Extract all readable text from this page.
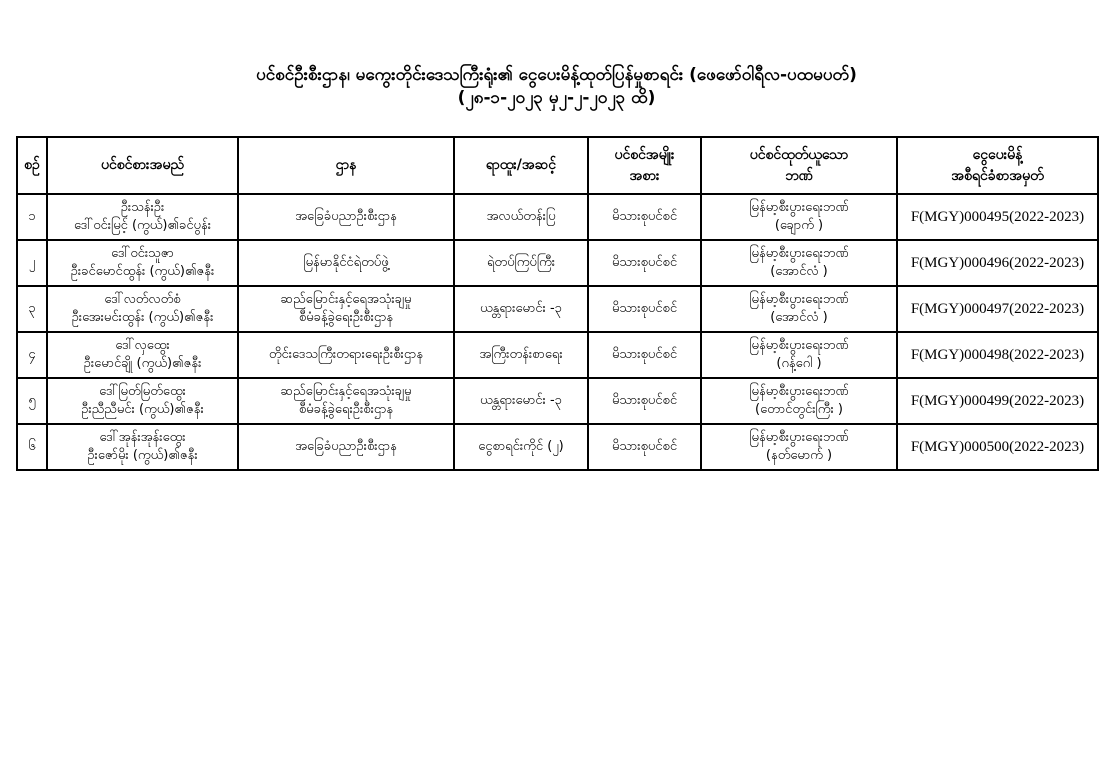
ပင်စင်ဦးစီးဌာန၊ မကွေးတိုင်းဒေသကြီးရုံး၏ ငွေပေးမိန့်ထုတ်ပြန်မှုစာရင်း (ဖေဖော်ဝါရီလ-ပထမပတ်)
(၂၈-၁-၂၀၂၃ မှ၂-၂-၂၀၂၃ ထိ)
စဉ်	ပင်စင်စားအမည်	ဌာန	ရာထူး/အဆင့်	ပင်စင်အမျိုး
အစား	ပင်စင်ထုတ်ယူသော
ဘဏ်	ငွေပေးမိန့်
အစီရင်ခံစာအမှတ်

၁	ဦးသန်းဦး
ဒေါ်ဝင်းမြင့် (ကွယ်)၏ခင်ပွန်း	အခြေခံပညာဦးစီးဌာန	အလယ်တန်းပြ	မိသားစုပင်စင်	မြန်မာ့စီးပွားရေးဘဏ်
(ချောက် )	F(MGY)000495(2022-2023)
၂	ဒေါ်ဝင်းသူဇာ
ဦးခင်မောင်ထွန်း (ကွယ်)၏ဇနီး	မြန်မာနိုင်ငံရဲတပ်ဖွဲ့	ရဲတပ်ကြပ်ကြီး	မိသားစုပင်စင်	မြန်မာ့စီးပွားရေးဘဏ်
(အောင်လံ )	F(MGY)000496(2022-2023)
၃	ဒေါ်လတ်လတ်စံ
ဦးအေးမင်းထွန်း (ကွယ်)၏ဇနီး	ဆည်မြောင်းနှင့်ရေအသုံးချမှု
စီမံခန့်ခွဲရေးဦးစီးဌာန	ယန္တရားမောင်း -၃	မိသားစုပင်စင်	မြန်မာ့စီးပွားရေးဘဏ်
(အောင်လံ )	F(MGY)000497(2022-2023)
၄	ဒေါ်လှထွေး
ဦးမောင်ချို (ကွယ်)၏ဇနီး	တိုင်းဒေသကြီးတရားရေးဦးစီးဌာန	အကြီးတန်းစာရေး	မိသားစုပင်စင်	မြန်မာ့စီးပွားရေးဘဏ်
(ဂန့်ဂေါ )	F(MGY)000498(2022-2023)
၅	ဒေါ်မြတ်မြတ်ထွေး
ဦးညီညီမင်း (ကွယ်)၏ဇနီး	ဆည်မြောင်းနှင့်ရေအသုံးချမှု
စီမံခန့်ခွဲရေးဦးစီးဌာန	ယန္တရားမောင်း -၃	မိသားစုပင်စင်	မြန်မာ့စီးပွားရေးဘဏ်
(တောင်တွင်းကြီး )	F(MGY)000499(2022-2023)
၆	ဒေါ်အုန်းအုန်းထွေး
ဦးဇော်မိုး (ကွယ်)၏ဇနီး	အခြေခံပညာဦးစီးဌာန	ငွေစာရင်းကိုင် (၂)	မိသားစုပင်စင်	မြန်မာ့စီးပွားရေးဘဏ်
(နတ်မောက် )	F(MGY)000500(2022-2023)
